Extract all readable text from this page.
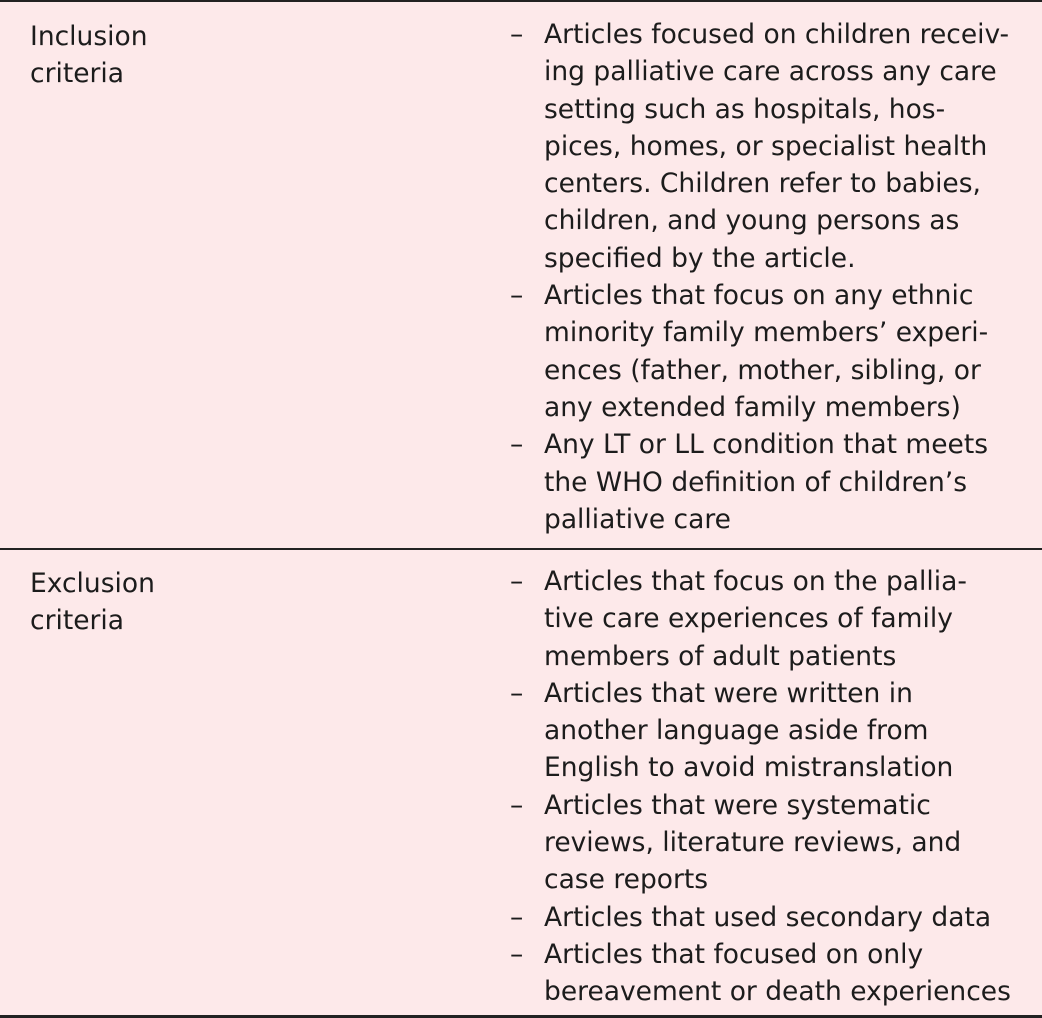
Inclusion
criteria
– Articles focused on children receiv-
ing palliative care across any care
setting such as hospitals, hos-
pices, homes, or specialist health
centers. Children refer to babies,
children, and young persons as
specified by the article.
– Articles that focus on any ethnic
minority family members’ experi-
ences (father, mother, sibling, or
any extended family members)
– Any LT or LL condition that meets
the WHO definition of children’s
palliative care
Exclusion
criteria
– Articles that focus on the pallia-
tive care experiences of family
members of adult patients
– Articles that were written in
another language aside from
English to avoid mistranslation
– Articles that were systematic
reviews, literature reviews, and
case reports
– Articles that used secondary data
– Articles that focused on only
bereavement or death experiences
